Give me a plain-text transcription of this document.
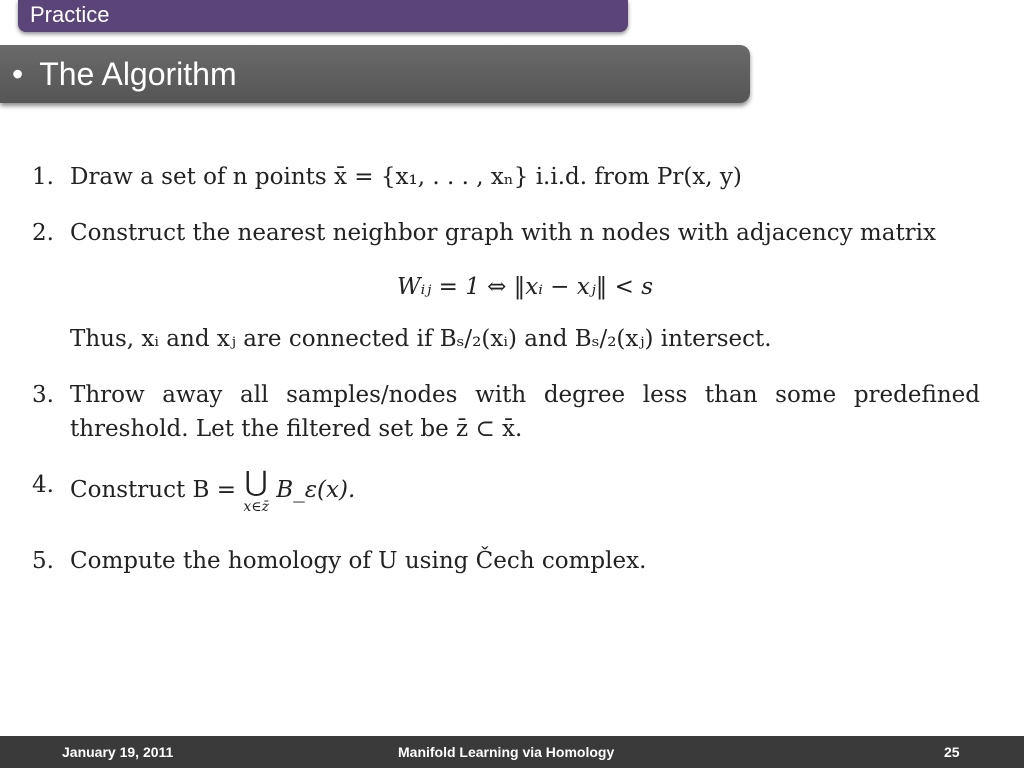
Practice
• The Algorithm
1. Draw a set of n points x̄ = {x₁, . . . , xₙ} i.i.d. from Pr(x, y)
2. Construct the nearest neighbor graph with n nodes with adjacency matrix
Wᵢⱼ = 1 ⇔ ‖xᵢ − xⱼ‖ < s
Thus, xᵢ and xⱼ are connected if Bₛ/₂(xᵢ) and Bₛ/₂(xⱼ) intersect.
3. Throw away all samples/nodes with degree less than some predefined threshold. Let the filtered set be z̄ ⊂ x̄.
4. Construct B = ⋃
x∈z̄
B_ε(x).
5. Compute the homology of U using Čech complex.
January 19, 2011	Manifold Learning via Homology	25
